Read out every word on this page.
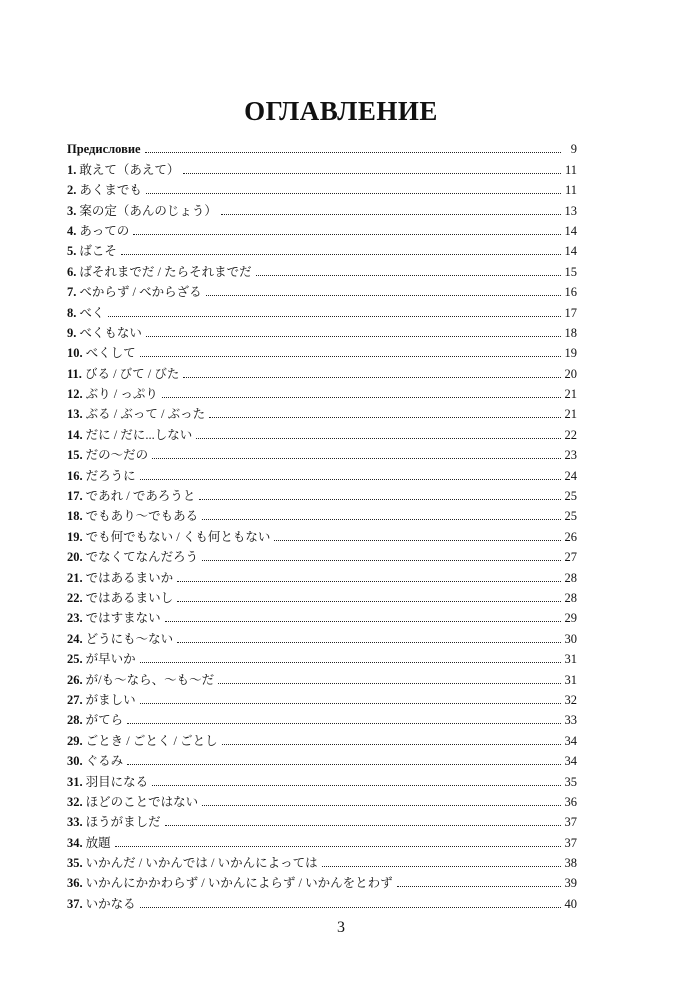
ОГЛАВЛЕНИЕ
Предисловие	9
1. 敢えて（あえて）	11
2. あくまでも	11
3. 案の定（あんのじょう）	13
4. あっての	14
5. ばこそ	14
6. ばそれまでだ / たらそれまでだ	15
7. べからず / べからざる	16
8. べく	17
9. べくもない	18
10. べくして	19
11. びる / びて / びた	20
12. ぶり / っぷり	21
13. ぶる / ぶって / ぶった	21
14. だに / だに...しない	22
15. だの～だの	23
16. だろうに	24
17. であれ / であろうと	25
18. でもあり～でもある	25
19. でも何でもない / くも何ともない	26
20. でなくてなんだろう	27
21. ではあるまいか	28
22. ではあるまいし	28
23. ではすまない	29
24. どうにも～ない	30
25. が早いか	31
26. が/も～なら、～も～だ	31
27. がましい	32
28. がてら	33
29. ごとき / ごとく / ごとし	34
30. ぐるみ	34
31. 羽目になる	35
32. ほどのことではない	36
33. ほうがましだ	37
34. 放題	37
35. いかんだ / いかんでは / いかんによっては	38
36. いかんにかかわらず / いかんによらず / いかんをとわず	39
37. いかなる	40
3
